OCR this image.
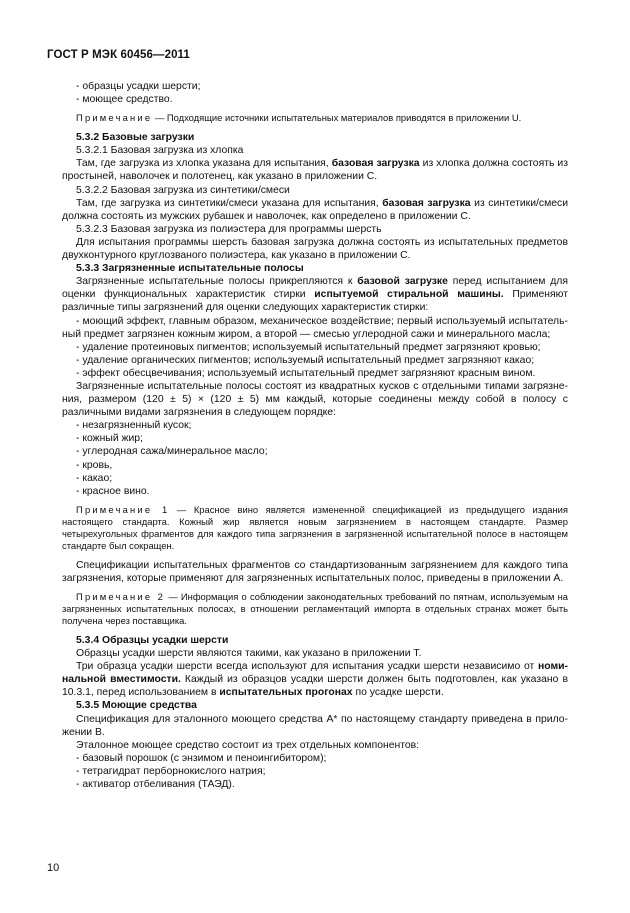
ГОСТ Р МЭК 60456—2011

- образцы усадки шерсти;

- моющее средство.

Примечание — Подходящие источники испытательных материалов приводятся в приложении U.

5.3.2 Базовые загрузки

5.3.2.1 Базовая загрузка из хлопка

Там, где загрузка из хлопка указана для испытания, базовая загрузка из хлопка должна состоять из простыней, наволочек и полотенец, как указано в приложении С.

5.3.2.2 Базовая загрузка из синтетики/смеси

Там, где загрузка из синтетики/смеси указана для испытания, базовая загрузка из синтетики/смеси должна состоять из мужских рубашек и наволочек, как определено в приложении С.

5.3.2.3 Базовая загрузка из полиэстера для программы шерсть

Для испытания программы шерсть базовая загрузка должна состоять из испытательных предметов двухконтурного круглозваного полиэстера, как указано в приложении С.

5.3.3 Загрязненные испытательные полосы

Загрязненные испытательные полосы прикрепляются к базовой загрузке перед испытанием для оценки функциональных характеристик стирки испытуемой стиральной машины. Применяют различные типы загрязнений для оценки следующих характеристик стирки:

- моющий эффект, главным образом, механическое воздействие; первый используемый испытатель-ный предмет загрязнен кожным жиром, а второй — смесью углеродной сажи и минерального масла;

- удаление протеиновых пигментов; используемый испытательный предмет загрязняют кровью;

- удаление органических пигментов; используемый испытательный предмет загрязняют какао;

- эффект обесцвечивания; используемый испытательный предмет загрязняют красным вином.

Загрязненные испытательные полосы состоят из квадратных кусков с отдельными типами загрязне-ния, размером (120 ± 5) × (120 ± 5) мм каждый, которые соединены между собой в полосу с различными видами загрязнения в следующем порядке:

- незагрязненный кусок;

- кожный жир;

- углеродная сажа/минеральное масло;

- кровь,

- какао;

- красное вино.

Примечание 1 — Красное вино является измененной спецификацией из предыдущего издания настоящего стандарта. Кожный жир является новым загрязнением в настоящем стандарте. Размер четырехугольных фрагментов для каждого типа загрязнения в загрязненной испытательной полосе в настоящем стандарте был сокращен.

Спецификации испытательных фрагментов со стандартизованным загрязнением для каждого типа загрязнения, которые применяют для загрязненных испытательных полос, приведены в приложении А.

Примечание 2 — Информация о соблюдении законодательных требований по пятнам, используемым на загрязненных испытательных полосах, в отношении регламентаций импорта в отдельных странах может быть получена через поставщика.

5.3.4 Образцы усадки шерсти

Образцы усадки шерсти являются такими, как указано в приложении Т.

Три образца усадки шерсти всегда используют для испытания усадки шерсти независимо от номи-нальной вместимости. Каждый из образцов усадки шерсти должен быть подготовлен, как указано в 10.3.1, перед использованием в испытательных прогонах по усадке шерсти.

5.3.5 Моющие средства

Спецификация для эталонного моющего средства А* по настоящему стандарту приведена в прило-жении В.

Эталонное моющее средство состоит из трех отдельных компонентов:

- базовый порошок (с энзимом и пеноингибитором);

- тетрагидрат перборнокислого натрия;

- активатор отбеливания (ТАЭД).

10
